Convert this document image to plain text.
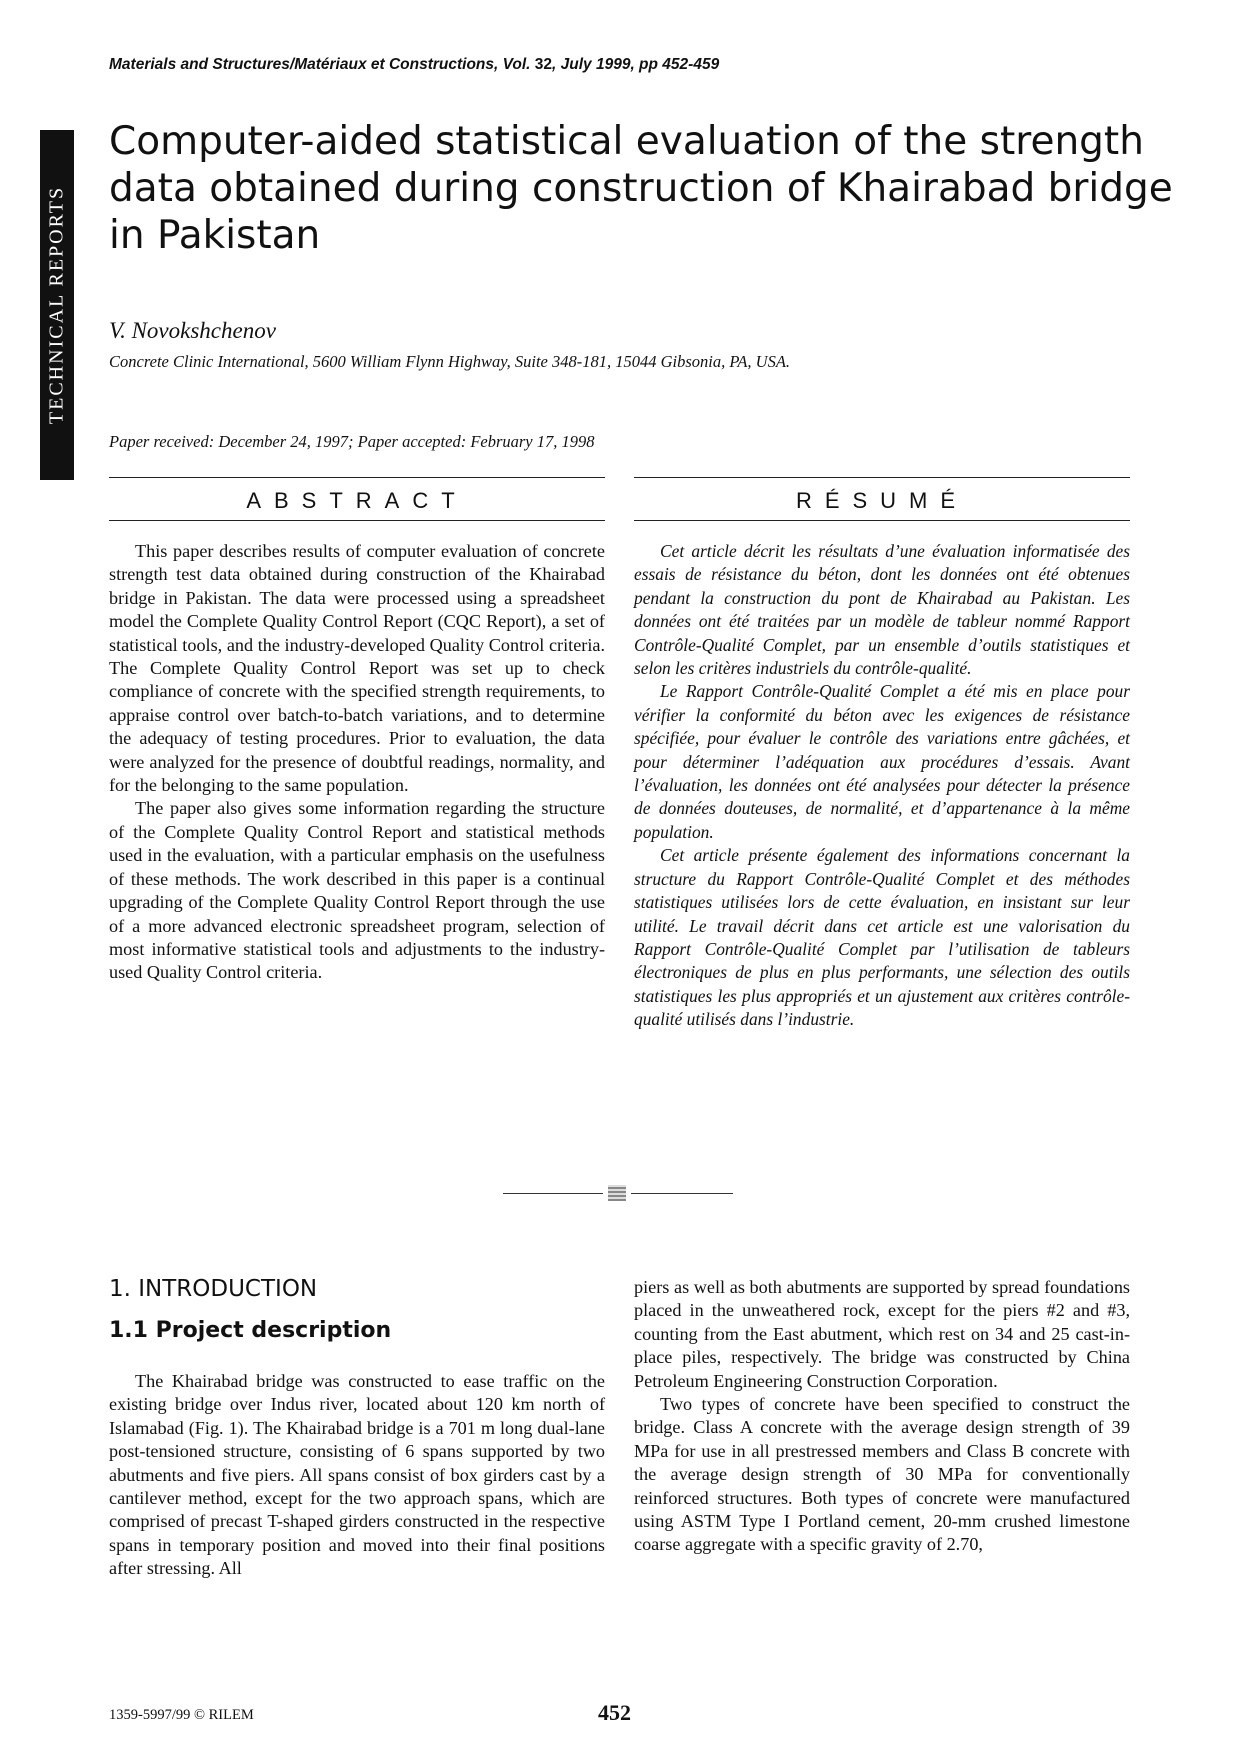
Materials and Structures/Matériaux et Constructions, Vol. 32, July 1999, pp 452-459
TECHNICAL REPORTS
Computer-aided statistical evaluation of the strength
data obtained during construction of Khairabad bridge
in Pakistan
V. Novokshchenov
Concrete Clinic International, 5600 William Flynn Highway, Suite 348-181, 15044 Gibsonia, PA, USA.
Paper received: December 24, 1997; Paper accepted: February 17, 1998
ABSTRACT	RÉSUMÉ

This paper describes results of computer evaluation of concrete strength test data obtained during construction of the Khairabad bridge in Pakistan. The data were processed using a spreadsheet model the Complete Quality Control Report (CQC Report), a set of statistical tools, and the industry-developed Quality Control criteria. The Complete Quality Control Report was set up to check compliance of concrete with the specified strength requirements, to appraise control over batch-to-batch variations, and to determine the adequacy of testing procedures. Prior to evaluation, the data were analyzed for the presence of doubtful readings, normality, and for the belonging to the same population.

The paper also gives some information regarding the structure of the Complete Quality Control Report and statistical methods used in the evaluation, with a particular emphasis on the usefulness of these methods. The work described in this paper is a continual upgrading of the Complete Quality Control Report through the use of a more advanced electronic spreadsheet program, selection of most informative statistical tools and adjustments to the industry-used Quality Control criteria.

Cet article décrit les résultats d’une évaluation informatisée des essais de résistance du béton, dont les données ont été obtenues pendant la construction du pont de Khairabad au Pakistan. Les données ont été traitées par un modèle de tableur nommé Rapport Contrôle-Qualité Complet, par un ensemble d’outils statistiques et selon les critères industriels du contrôle-qualité.

Le Rapport Contrôle-Qualité Complet a été mis en place pour vérifier la conformité du béton avec les exigences de résistance spécifiée, pour évaluer le contrôle des variations entre gâchées, et pour déterminer l’adéquation aux procédures d’essais. Avant l’évaluation, les données ont été analysées pour détecter la présence de données douteuses, de normalité, et d’appartenance à la même population.

Cet article présente également des informations concernant la structure du Rapport Contrôle-Qualité Complet et des méthodes statistiques utilisées lors de cette évaluation, en insistant sur leur utilité. Le travail décrit dans cet article est une valorisation du Rapport Contrôle-Qualité Complet par l’utilisation de tableurs électroniques de plus en plus performants, une sélection des outils statistiques les plus appropriés et un ajustement aux critères contrôle-qualité utilisés dans l’industrie.

1. INTRODUCTION
1.1 Project description

The Khairabad bridge was constructed to ease traffic on the existing bridge over Indus river, located about 120 km north of Islamabad (Fig. 1). The Khairabad bridge is a 701 m long dual-lane post-tensioned structure, consisting of 6 spans supported by two abutments and five piers. All spans consist of box girders cast by a cantilever method, except for the two approach spans, which are comprised of precast T-shaped girders constructed in the respective spans in temporary position and moved into their final positions after stressing. All

piers as well as both abutments are supported by spread foundations placed in the unweathered rock, except for the piers #2 and #3, counting from the East abutment, which rest on 34 and 25 cast-in-place piles, respectively. The bridge was constructed by China Petroleum Engineering Construction Corporation.

Two types of concrete have been specified to construct the bridge. Class A concrete with the average design strength of 39 MPa for use in all prestressed members and Class B concrete with the average design strength of 30 MPa for conventionally reinforced structures. Both types of concrete were manufactured using ASTM Type I Portland cement, 20-mm crushed limestone coarse aggregate with a specific gravity of 2.70,

1359-5997/99 © RILEM	452
